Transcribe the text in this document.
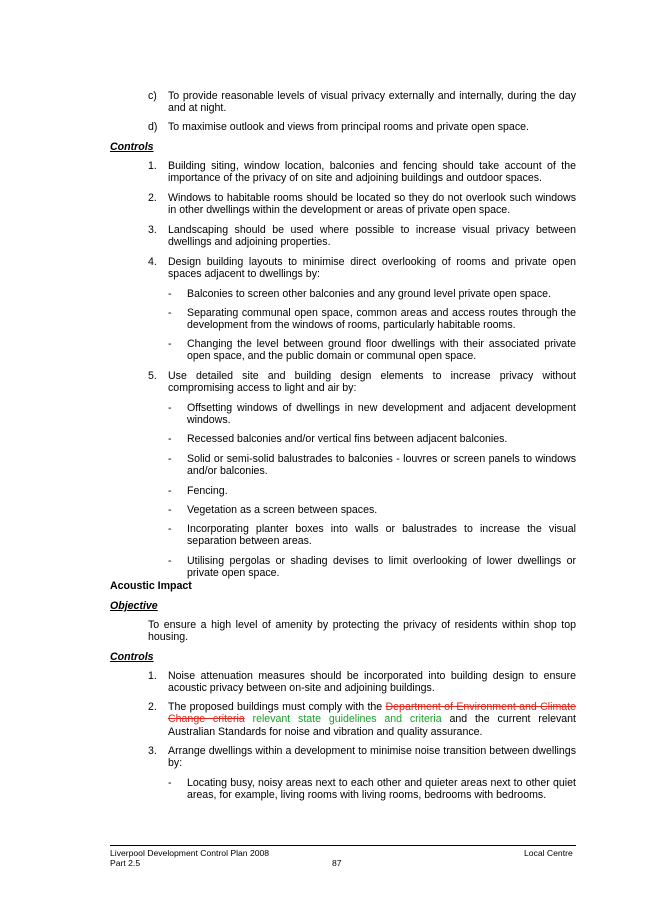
c) To provide reasonable levels of visual privacy externally and internally, during the day and at night.
d) To maximise outlook and views from principal rooms and private open space.
Controls
1. Building siting, window location, balconies and fencing should take account of the importance of the privacy of on site and adjoining buildings and outdoor spaces.
2. Windows to habitable rooms should be located so they do not overlook such windows in other dwellings within the development or areas of private open space.
3. Landscaping should be used where possible to increase visual privacy between dwellings and adjoining properties.
4. Design building layouts to minimise direct overlooking of rooms and private open spaces adjacent to dwellings by:
- Balconies to screen other balconies and any ground level private open space.
- Separating communal open space, common areas and access routes through the development from the windows of rooms, particularly habitable rooms.
- Changing the level between ground floor dwellings with their associated private open space, and the public domain or communal open space.
5. Use detailed site and building design elements to increase privacy without compromising access to light and air by:
- Offsetting windows of dwellings in new development and adjacent development windows.
- Recessed balconies and/or vertical fins between adjacent balconies.
- Solid or semi-solid balustrades to balconies - louvres or screen panels to windows and/or balconies.
- Fencing.
- Vegetation as a screen between spaces.
- Incorporating planter boxes into walls or balustrades to increase the visual separation between areas.
- Utilising pergolas or shading devises to limit overlooking of lower dwellings or private open space.
Acoustic Impact
Objective
To ensure a high level of amenity by protecting the privacy of residents within shop top housing.
Controls
1. Noise attenuation measures should be incorporated into building design to ensure acoustic privacy between on-site and adjoining buildings.
2. The proposed buildings must comply with the Department of Environment and Climate Change criteria relevant state guidelines and criteria and the current relevant Australian Standards for noise and vibration and quality assurance.
3. Arrange dwellings within a development to minimise noise transition between dwellings by:
- Locating busy, noisy areas next to each other and quieter areas next to other quiet areas, for example, living rooms with living rooms, bedrooms with bedrooms.
Liverpool Development Control Plan 2008
Part 2.5	87
Local Centre
